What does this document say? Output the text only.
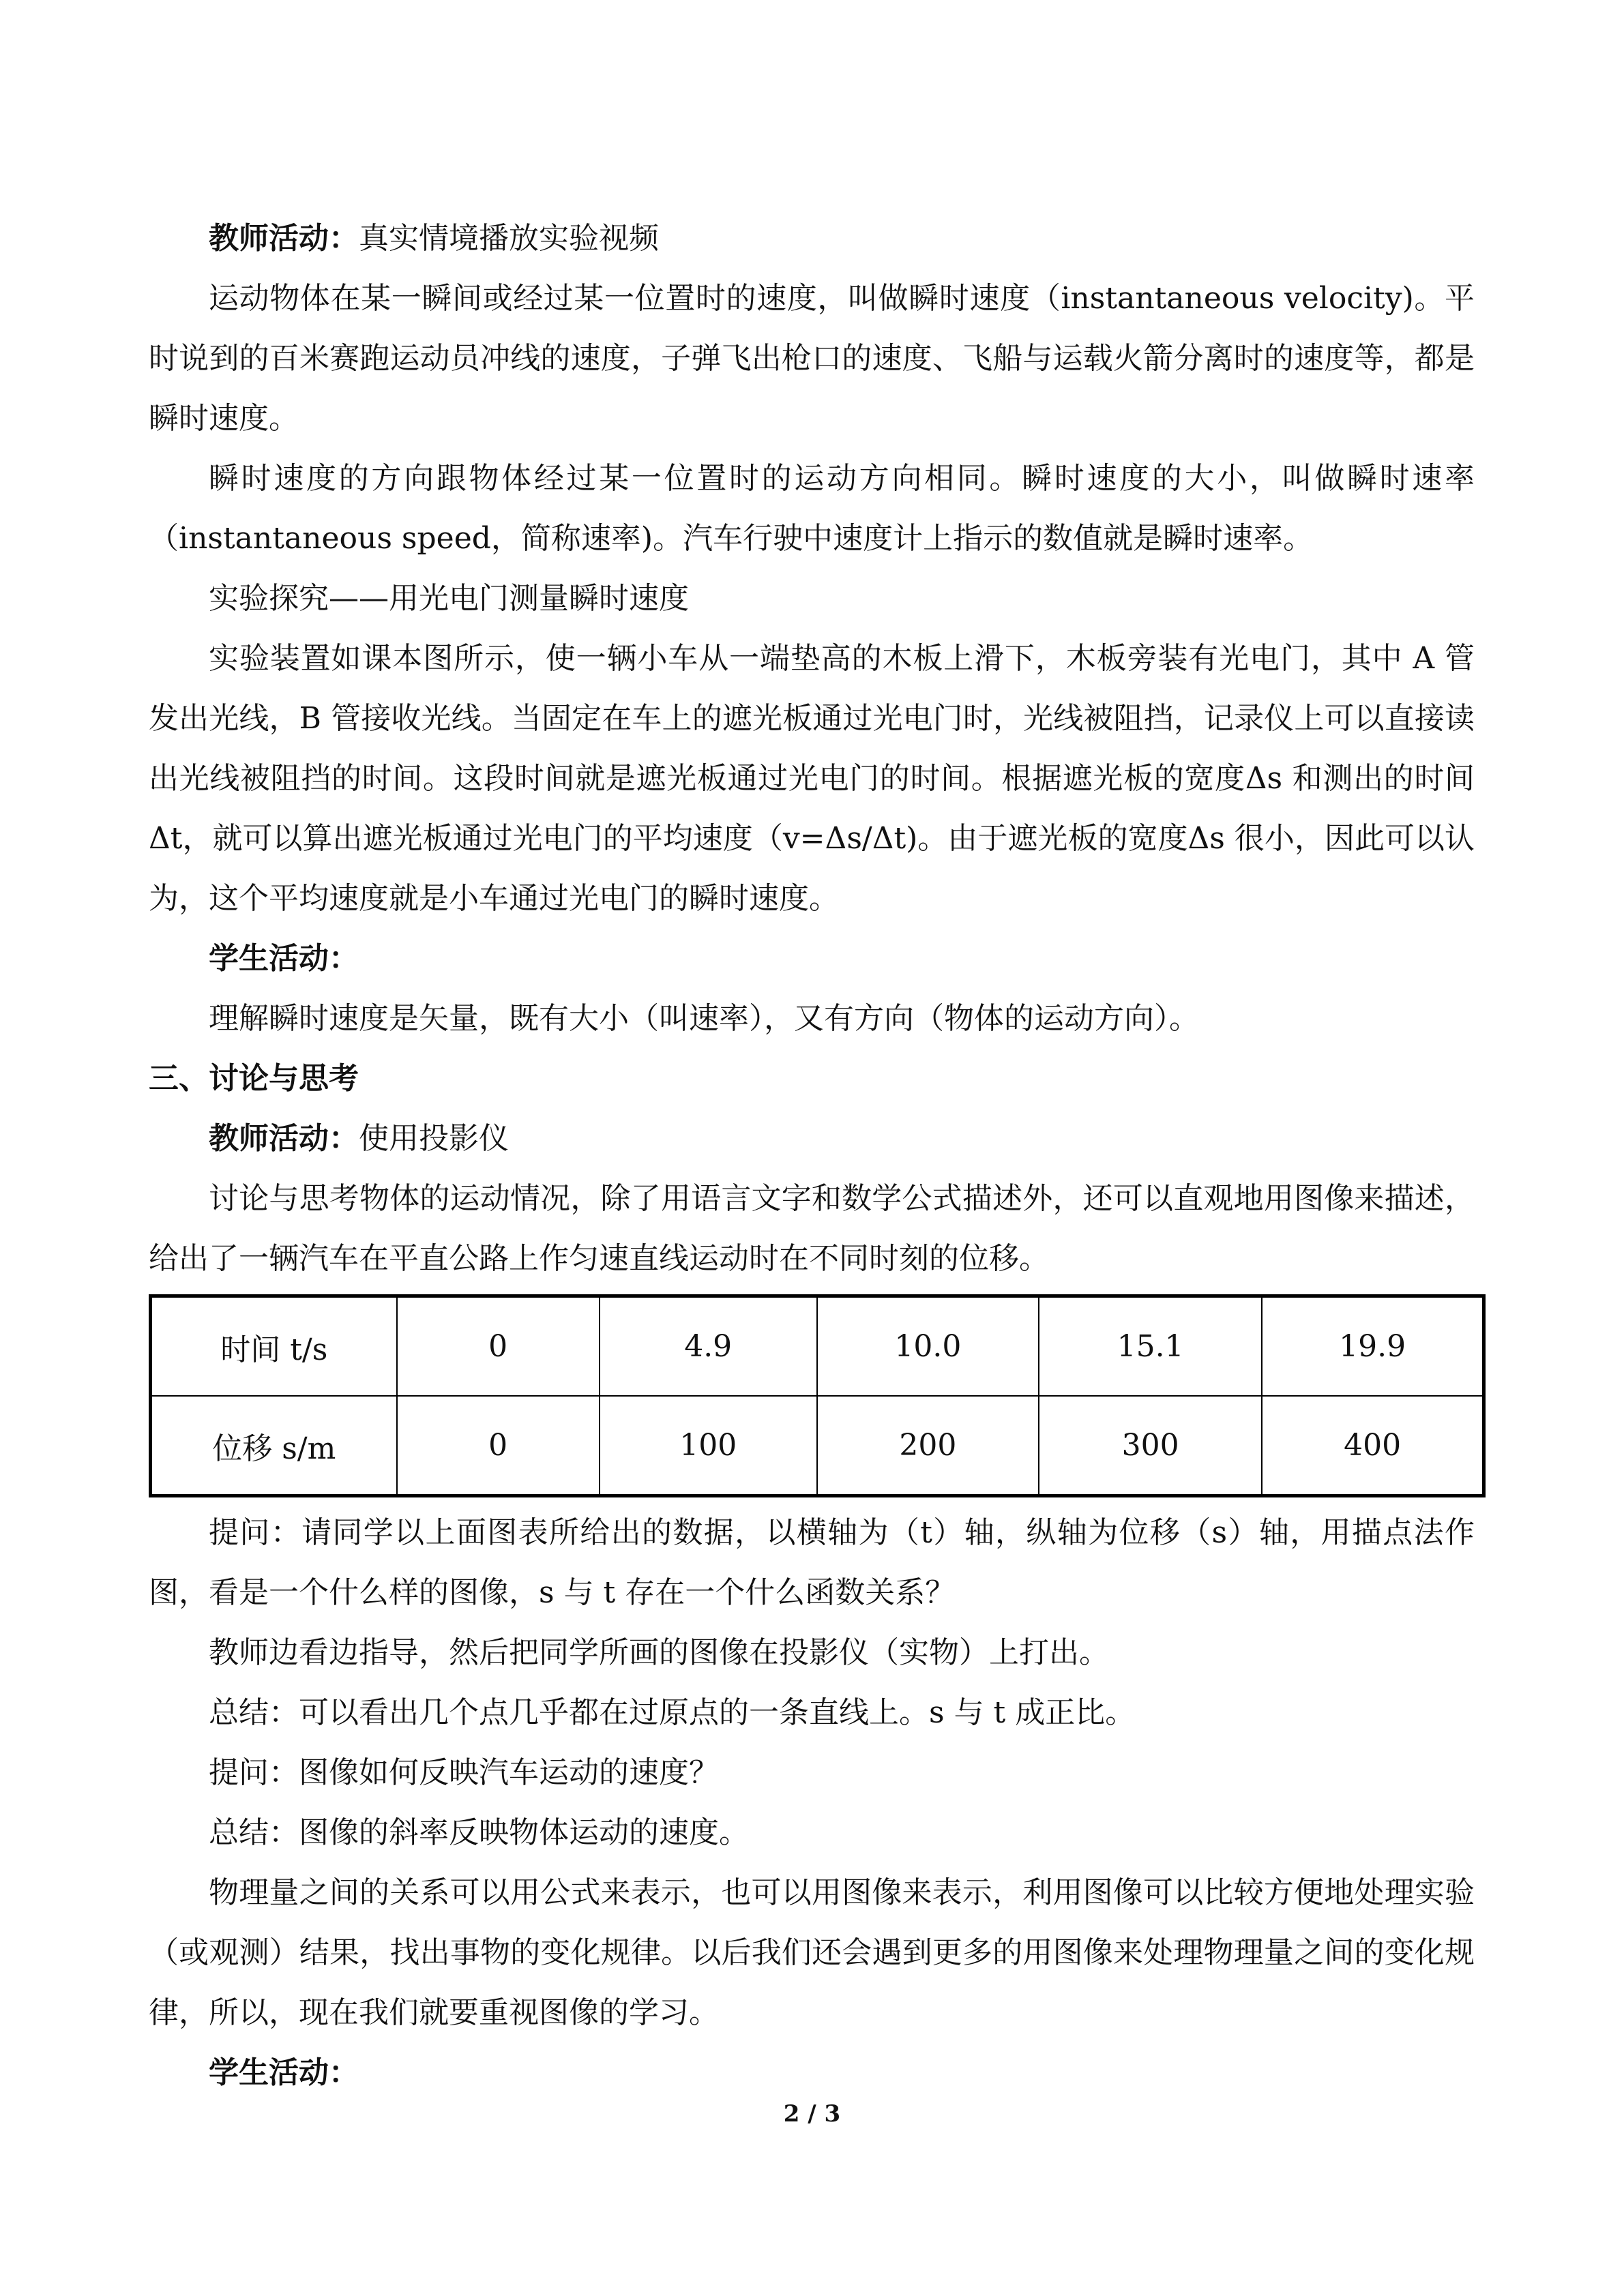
教师活动：真实情境播放实验视频

运动物体在某一瞬间或经过某一位置时的速度，叫做瞬时速度（instantaneous velocity)。平时说到的百米赛跑运动员冲线的速度，子弹飞出枪口的速度、飞船与运载火箭分离时的速度等，都是瞬时速度。

瞬时速度的方向跟物体经过某一位置时的运动方向相同。瞬时速度的大小，叫做瞬时速率（instantaneous speed，简称速率)。汽车行驶中速度计上指示的数值就是瞬时速率。

实验探究——用光电门测量瞬时速度

实验装置如课本图所示，使一辆小车从一端垫高的木板上滑下，木板旁装有光电门，其中 A 管发出光线，B 管接收光线。当固定在车上的遮光板通过光电门时，光线被阻挡，记录仪上可以直接读出光线被阻挡的时间。这段时间就是遮光板通过光电门的时间。根据遮光板的宽度Δs 和测出的时间Δt，就可以算出遮光板通过光电门的平均速度（v=Δs/Δt)。由于遮光板的宽度Δs 很小，因此可以认为，这个平均速度就是小车通过光电门的瞬时速度。

学生活动：

理解瞬时速度是矢量，既有大小（叫速率），又有方向（物体的运动方向）。

三、讨论与思考

教师活动：使用投影仪

讨论与思考物体的运动情况，除了用语言文字和数学公式描述外，还可以直观地用图像来描述，给出了一辆汽车在平直公路上作匀速直线运动时在不同时刻的位移。

时间 t/s	0	4.9	10.0	15.1	19.9
位移 s/m	0	100	200	300	400

提问：请同学以上面图表所给出的数据，以横轴为（t）轴，纵轴为位移（s）轴，用描点法作图，看是一个什么样的图像，s 与 t 存在一个什么函数关系？

教师边看边指导，然后把同学所画的图像在投影仪（实物）上打出。

总结：可以看出几个点几乎都在过原点的一条直线上。s 与 t 成正比。

提问：图像如何反映汽车运动的速度？

总结：图像的斜率反映物体运动的速度。

物理量之间的关系可以用公式来表示，也可以用图像来表示，利用图像可以比较方便地处理实验（或观测）结果，找出事物的变化规律。以后我们还会遇到更多的用图像来处理物理量之间的变化规律，所以，现在我们就要重视图像的学习。

学生活动：

2 / 3
